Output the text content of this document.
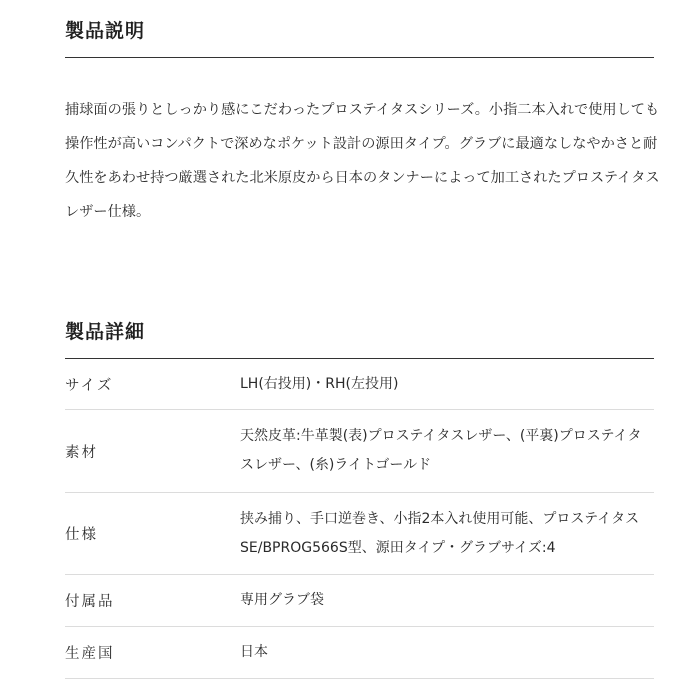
製品説明

捕球面の張りとしっかり感にこだわったプロステイタスシリーズ。小指二本入れで使用しても操作性が高いコンパクトで深めなポケット設計の源田タイプ。グラブに最適なしなやかさと耐久性をあわせ持つ厳選された北米原皮から日本のタンナーによって加工されたプロステイタスレザー仕様。

製品詳細
サイズ	LH(右投用)・RH(左投用)
素材	天然皮革:牛革製(表)プロステイタスレザー、(平裏)プロステイタスレザー、(糸)ライトゴールド
仕様	挟み捕り、手口逆巻き、小指2本入れ使用可能、プロステイタスSE/BPROG566S型、源田タイプ・グラブサイズ:4
付属品	専用グラブ袋
生産国	日本
